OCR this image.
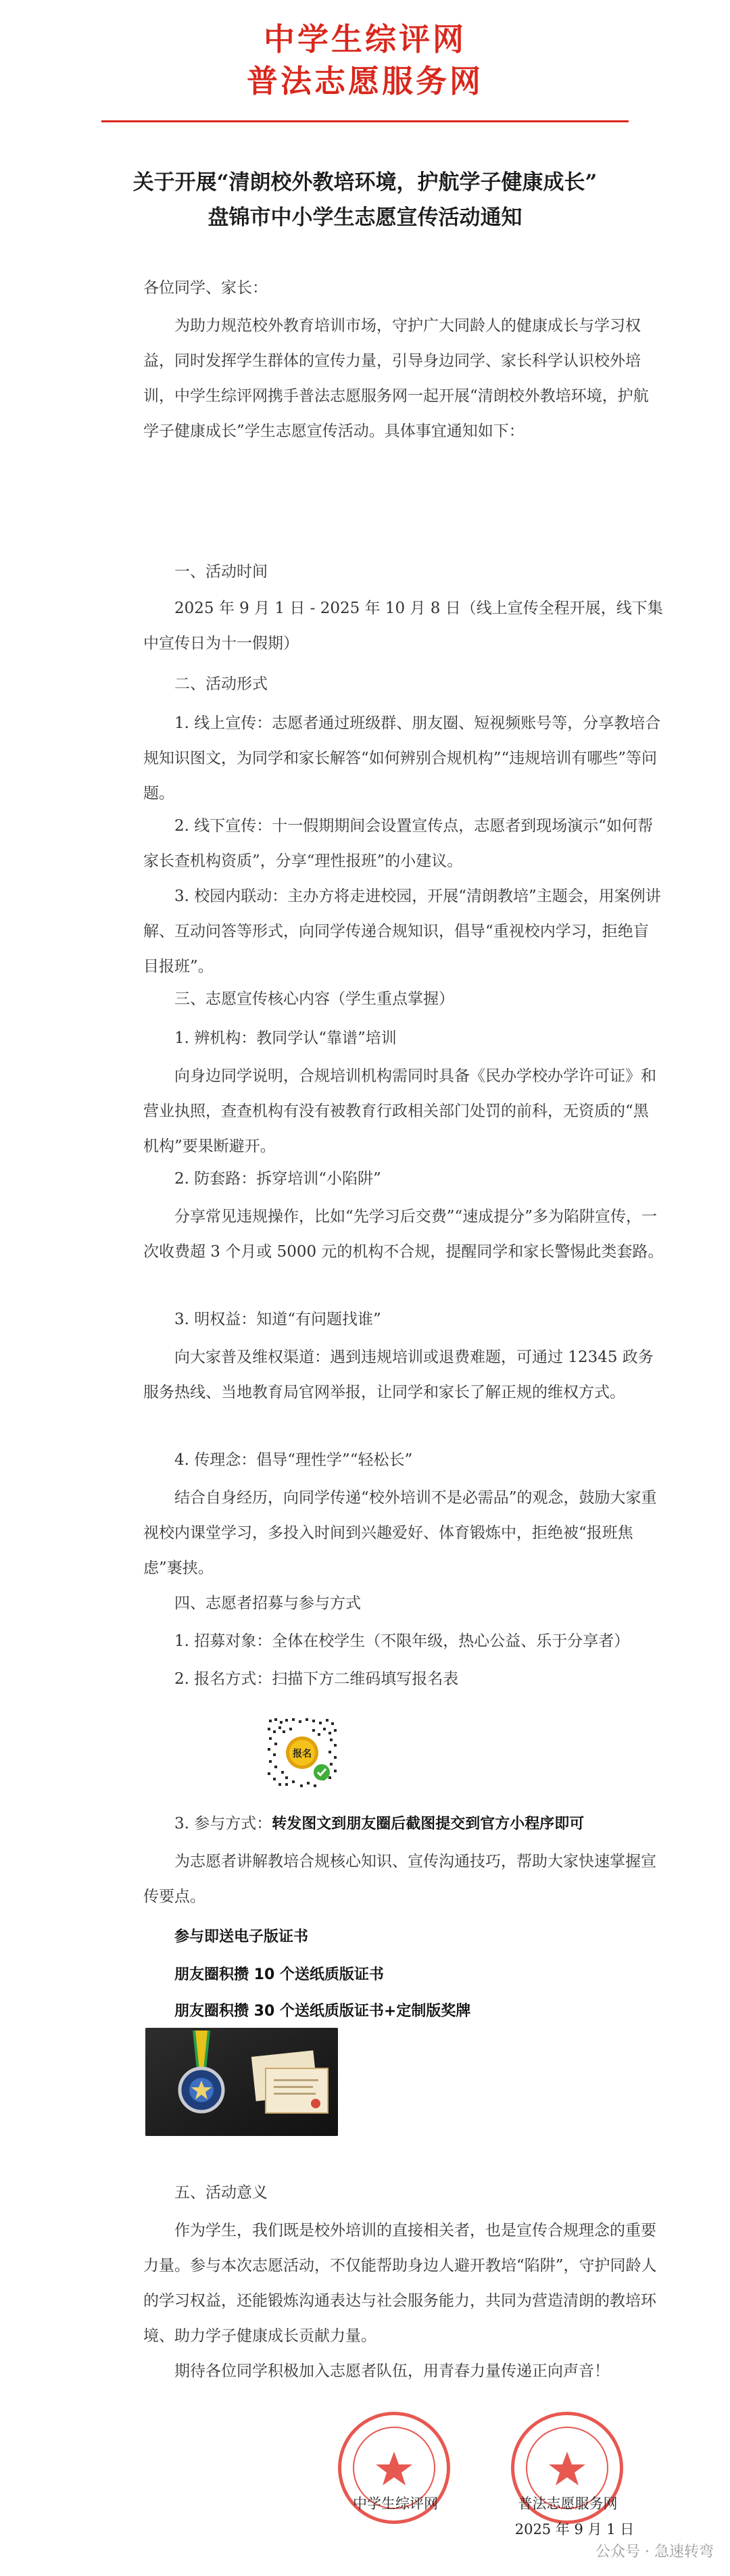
中学生综评网
普法志愿服务网
关于开展“清朗校外教培环境，护航学子健康成长”
盘锦市中小学生志愿宣传活动通知
各位同学、家长：
为助力规范校外教育培训市场，守护广大同龄人的健康成长与学习权益，同时发挥学生群体的宣传力量，引导身边同学、家长科学认识校外培训，中学生综评网携手普法志愿服务网一起开展“清朗校外教培环境，护航学子健康成长”学生志愿宣传活动。具体事宜通知如下：
一、活动时间
2025 年 9 月 1 日 - 2025 年 10 月 8 日（线上宣传全程开展，线下集中宣传日为十一假期）
二、活动形式
1. 线上宣传：志愿者通过班级群、朋友圈、短视频账号等，分享教培合规知识图文，为同学和家长解答“如何辨别合规机构”“违规培训有哪些”等问题。
2. 线下宣传：十一假期期间会设置宣传点，志愿者到现场演示“如何帮家长查机构资质”，分享“理性报班”的小建议。
3. 校园内联动：主办方将走进校园，开展“清朗教培”主题会，用案例讲解、互动问答等形式，向同学传递合规知识，倡导“重视校内学习，拒绝盲目报班”。
三、志愿宣传核心内容（学生重点掌握）
1. 辨机构：教同学认“靠谱”培训
向身边同学说明，合规培训机构需同时具备《民办学校办学许可证》和营业执照，查查机构有没有被教育行政相关部门处罚的前科，无资质的“黑机构”要果断避开。
2. 防套路：拆穿培训“小陷阱”
分享常见违规操作，比如“先学习后交费”“速成提分”多为陷阱宣传，一次收费超 3 个月或 5000 元的机构不合规，提醒同学和家长警惕此类套路。
3. 明权益：知道“有问题找谁”
向大家普及维权渠道：遇到违规培训或退费难题，可通过 12345 政务服务热线、当地教育局官网举报，让同学和家长了解正规的维权方式。
4. 传理念：倡导“理性学”“轻松长”
结合自身经历，向同学传递“校外培训不是必需品”的观念，鼓励大家重视校内课堂学习，多投入时间到兴趣爱好、体育锻炼中，拒绝被“报班焦虑”裹挟。
四、志愿者招募与参与方式
1. 招募对象：全体在校学生（不限年级，热心公益、乐于分享者）
2. 报名方式：扫描下方二维码填写报名表
报名
3. 参与方式：转发图文到朋友圈后截图提交到官方小程序即可
为志愿者讲解教培合规核心知识、宣传沟通技巧，帮助大家快速掌握宣传要点。
参与即送电子版证书
朋友圈积攒 10 个送纸质版证书
朋友圈积攒 30 个送纸质版证书+定制版奖牌
五、活动意义
作为学生，我们既是校外培训的直接相关者，也是宣传合规理念的重要力量。参与本次志愿活动，不仅能帮助身边人避开教培“陷阱”，守护同龄人的学习权益，还能锻炼沟通表达与社会服务能力，共同为营造清朗的教培环境、助力学子健康成长贡献力量。
期待各位同学积极加入志愿者队伍，用青春力量传递正向声音！
中学生综评网	普法志愿服务网
2025 年 9 月 1 日
公众号 · 急速转弯
